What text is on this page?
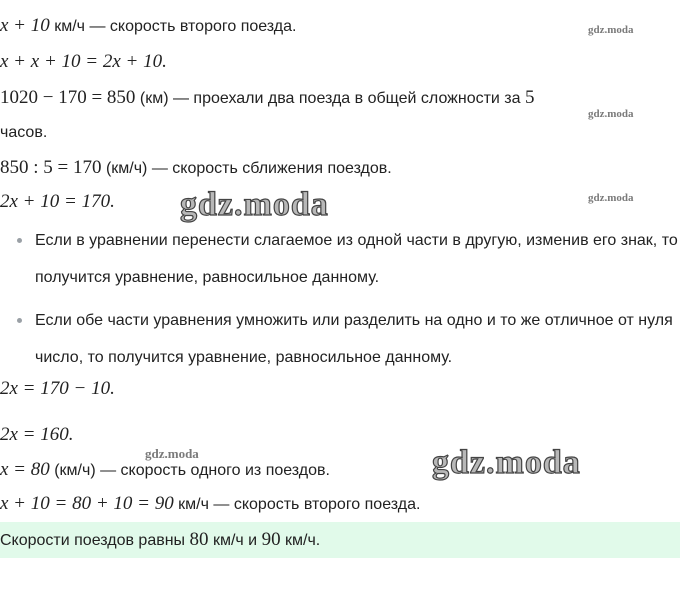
x + 10 км/ч — скорость второго поезда.	gdz.moda
x + x + 10 = 2x + 10.
1020 − 170 = 850 (км) — проехали два поезда в общей сложности за 5
gdz.moda
часов.
850 : 5 = 170 (км/ч) — скорость сближения поездов.
2x + 10 = 170. gdz.moda	gdz.moda
Если в уравнении перенести слагаемое из одной части в другую, изменив его знак, то получится уравнение, равносильное данному.
Если обе части уравнения умножить или разделить на одно и то же отличное от нуля число, то получится уравнение, равносильное данному.
2x = 170 − 10.
2x = 160.
gdz.moda
x = 80 (км/ч) — скорость одного из поездов.	gdz.moda
x + 10 = 80 + 10 = 90 км/ч — скорость второго поезда.
Скорости поездов равны 80 км/ч и 90 км/ч.
